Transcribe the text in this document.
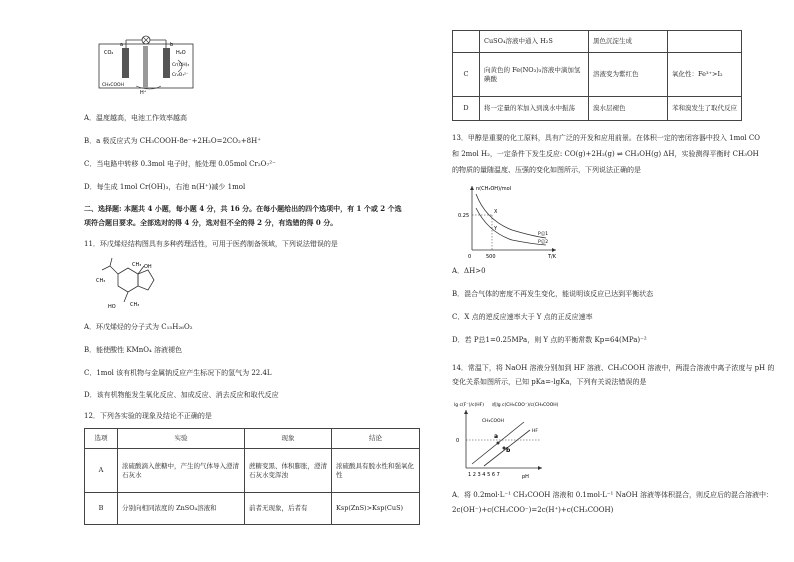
CO₂	H₂O
Cr(OH)₃
Cr₂O₇²⁻
CH₃COOH
H⁺
a	b
A．温度越高，电池工作效率越高
B．a 极反应式为 CH₃COOH-8e⁻+2H₂O=2CO₂+8H⁺
C．当电路中转移 0.3mol 电子时，能处理 0.05mol Cr₂O₇²⁻
D．每生成 1mol Cr(OH)₃，右池 n(H⁺)减少 1mol
二、选择题: 本题共 4 小题，每小题 4 分，共 16 分。在每小题给出的四个选项中，有 1 个或 2 个选
项符合题目要求。全部选对的得 4 分，选对但不全的得 2 分，有选错的得 0 分。
11．环戊烯烃结构图具有多种药理活性，可用于医药制备领域，下列说法错误的是
OH
CH₃
CH₃
HO	CH₃
A．环戊烯烃的分子式为 C₁₅H₂₆O₂
B．能使酸性 KMnO₄ 溶液褪色
C．1mol 该有机物与金属钠反应产生标况下的氢气为 22.4L
D．该有机物能发生氧化反应、加成反应、消去反应和取代反应
12．下列各实验的现象及结论不正确的是
选项	实验	现象	结论
A	浓硫酸滴入蔗糖中，产生的气体导入澄清石灰水	蔗糖变黑、体积膨胀，澄清石灰水变浑浊	浓硫酸具有脱水性和强氧化性
B	分别向相同浓度的 ZnSO₄溶液和	前者无现象，后者有	Ksp(ZnS)>Ksp(CuS)
	CuSO₄溶液中通入 H₂S	黑色沉淀生成	
C	向黄色的 Fe(NO₃)₃溶液中滴加氢碘酸	溶液变为紫红色	氧化性：Fe³⁺>I₂
D	将一定量的苯加入到溴水中振荡	溴水层褪色	苯和溴发生了取代反应
13．甲醇是重要的化工原料，具有广泛的开发和应用前景。在体积一定的密闭容器中投入 1mol CO
和 2mol H₂，一定条件下发生反应: CO(g)+2H₂(g) ⇌ CH₃OH(g) ΔH，实验测得平衡时 CH₃OH
的物质的量随温度、压强的变化如图所示，下列说法正确的是
n(CH₃OH)/mol
T/K
0.25
0	500
X
Y
P总1
P总2
A．ΔH>0
B．混合气体的密度不再发生变化，能说明该反应已达到平衡状态
C．X 点的逆反应速率大于 Y 点的正反应速率
D．若 P总1=0.25MPa，则 Y 点的平衡常数 Kp=64(MPa)⁻²
14．常温下，将 NaOH 溶液分别加到 HF 溶液、CH₃COOH 溶液中，两混合溶液中离子浓度与 pH 的
变化关系如图所示，已知 pKa=-lgKa，下列有关说法错误的是
lg c(F⁻)/c(HF) 或lg c(CH₃COO⁻)/c(CH₃COOH)
0
CH₃COOH
HF
a
b
1 2 3 4 5 6 7	pH
A．将 0.2mol·L⁻¹ CH₃COOH 溶液和 0.1mol·L⁻¹ NaOH 溶液等体积混合，则反应后的混合溶液中：
2c(OH⁻)+c(CH₃COO⁻)=2c(H⁺)+c(CH₃COOH)
